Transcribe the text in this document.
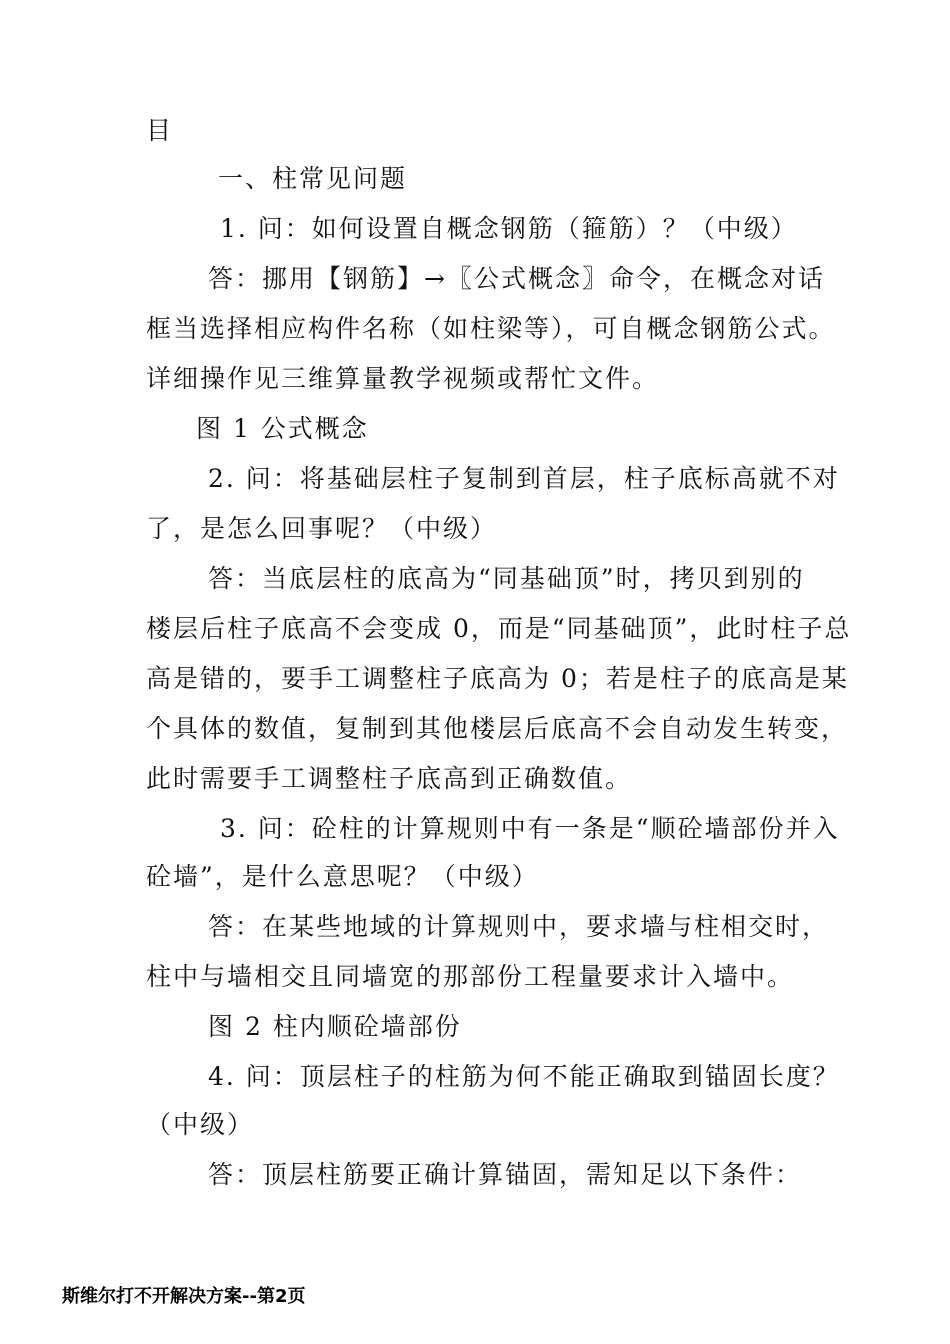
目
一、柱常见问题
1. 问：如何设置自概念钢筋（箍筋）？（中级）
答：挪用【钢筋】→〖公式概念〗命令，在概念对话
框当选择相应构件名称（如柱梁等），可自概念钢筋公式。
详细操作见三维算量教学视频或帮忙文件。
图 1 公式概念
2. 问：将基础层柱子复制到首层，柱子底标高就不对
了，是怎么回事呢？（中级）
答：当底层柱的底高为“同基础顶”时，拷贝到别的
楼层后柱子底高不会变成 0，而是“同基础顶”，此时柱子总
高是错的，要手工调整柱子底高为 0；若是柱子的底高是某
个具体的数值，复制到其他楼层后底高不会自动发生转变，
此时需要手工调整柱子底高到正确数值。
3. 问：砼柱的计算规则中有一条是“顺砼墙部份并入
砼墙”，是什么意思呢？（中级）
答：在某些地域的计算规则中，要求墙与柱相交时，
柱中与墙相交且同墙宽的那部份工程量要求计入墙中。
图 2 柱内顺砼墙部份
4. 问：顶层柱子的柱筋为何不能正确取到锚固长度？
（中级）
答：顶层柱筋要正确计算锚固，需知足以下条件：
斯维尔打不开解决方案--第2页
